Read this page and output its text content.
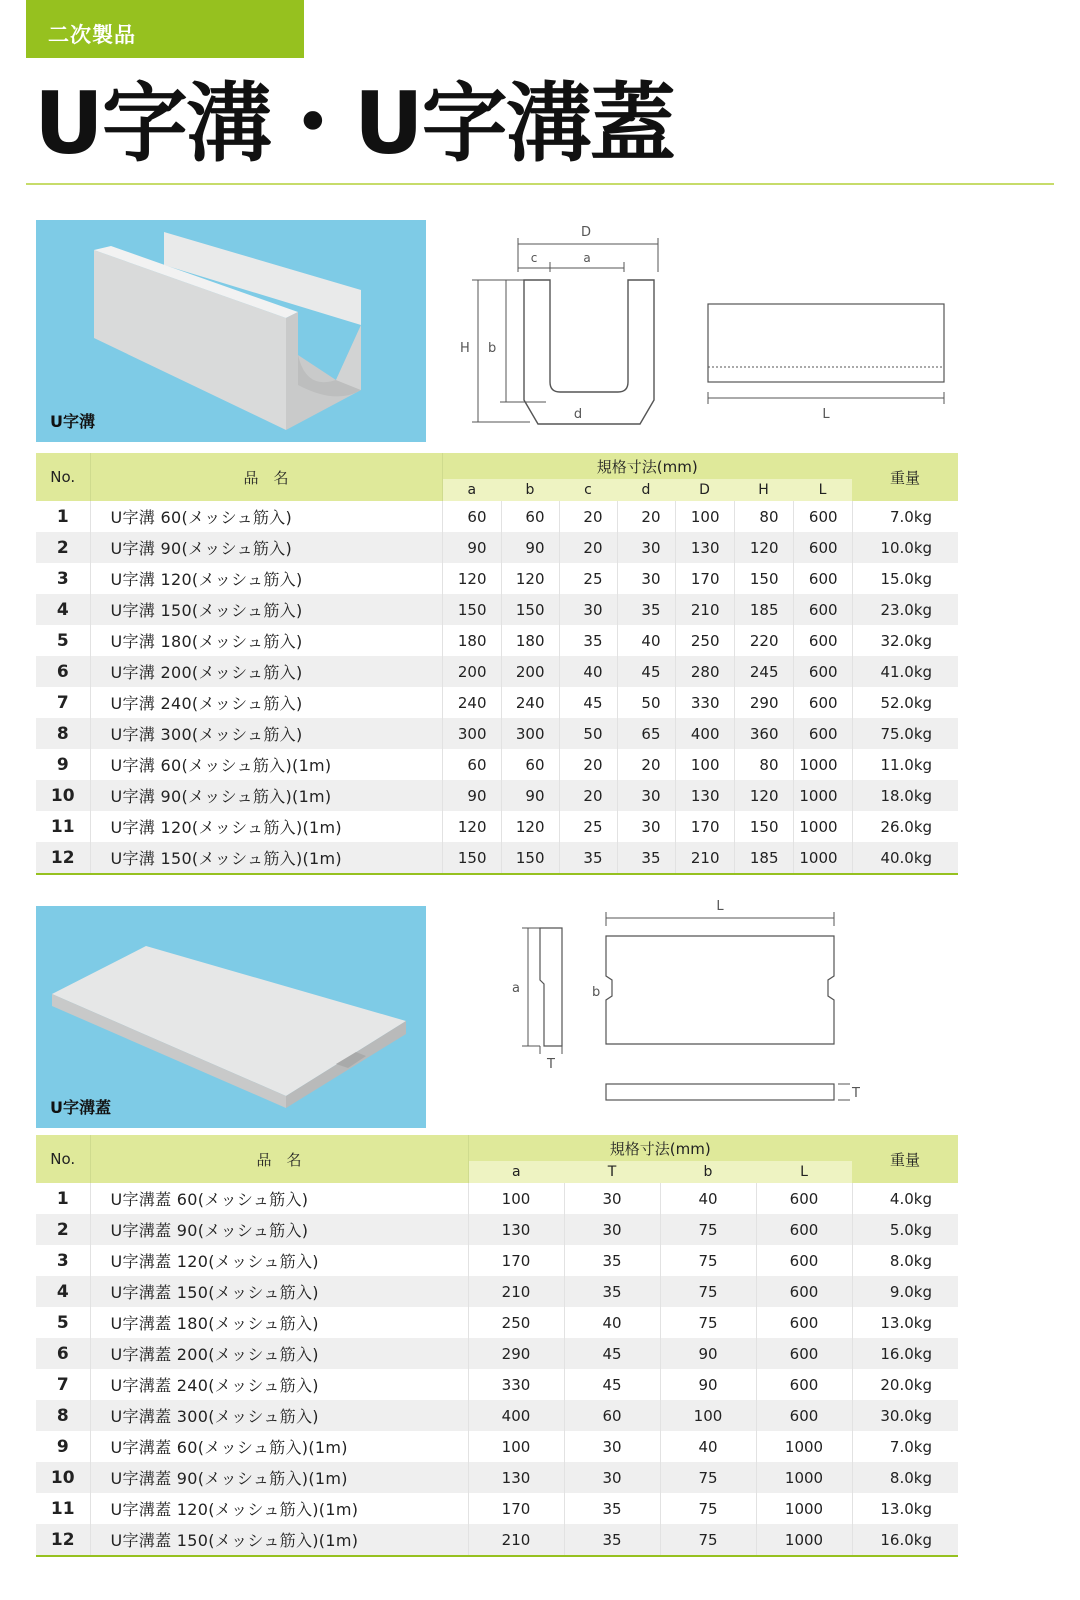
二次製品
U字溝・U字溝蓋
U字溝
D
c	a
H b
d	L
No.	品　名	規格寸法(mm)							重量
		a	b	c	d	D	H	L	
1	U字溝 60(メッシュ筋入)	60	60	20	20	100	80	600	7.0kg
2	U字溝 90(メッシュ筋入)	90	90	20	30	130	120	600	10.0kg
3	U字溝 120(メッシュ筋入)	120	120	25	30	170	150	600	15.0kg
4	U字溝 150(メッシュ筋入)	150	150	30	35	210	185	600	23.0kg
5	U字溝 180(メッシュ筋入)	180	180	35	40	250	220	600	32.0kg
6	U字溝 200(メッシュ筋入)	200	200	40	45	280	245	600	41.0kg
7	U字溝 240(メッシュ筋入)	240	240	45	50	330	290	600	52.0kg
8	U字溝 300(メッシュ筋入)	300	300	50	65	400	360	600	75.0kg
9	U字溝 60(メッシュ筋入)(1m)	60	60	20	20	100	80	1000	11.0kg
10	U字溝 90(メッシュ筋入)(1m)	90	90	20	30	130	120	1000	18.0kg
11	U字溝 120(メッシュ筋入)(1m)	120	120	25	30	170	150	1000	26.0kg
12	U字溝 150(メッシュ筋入)(1m)	150	150	35	35	210	185	1000	40.0kg
U字溝蓋
a
T
L
b
T
No.	品　名	規格寸法(mm)				重量
		a	T	b	L	
1	U字溝蓋 60(メッシュ筋入)	100	30	40	600	4.0kg
2	U字溝蓋 90(メッシュ筋入)	130	30	75	600	5.0kg
3	U字溝蓋 120(メッシュ筋入)	170	35	75	600	8.0kg
4	U字溝蓋 150(メッシュ筋入)	210	35	75	600	9.0kg
5	U字溝蓋 180(メッシュ筋入)	250	40	75	600	13.0kg
6	U字溝蓋 200(メッシュ筋入)	290	45	90	600	16.0kg
7	U字溝蓋 240(メッシュ筋入)	330	45	90	600	20.0kg
8	U字溝蓋 300(メッシュ筋入)	400	60	100	600	30.0kg
9	U字溝蓋 60(メッシュ筋入)(1m)	100	30	40	1000	7.0kg
10	U字溝蓋 90(メッシュ筋入)(1m)	130	30	75	1000	8.0kg
11	U字溝蓋 120(メッシュ筋入)(1m)	170	35	75	1000	13.0kg
12	U字溝蓋 150(メッシュ筋入)(1m)	210	35	75	1000	16.0kg
